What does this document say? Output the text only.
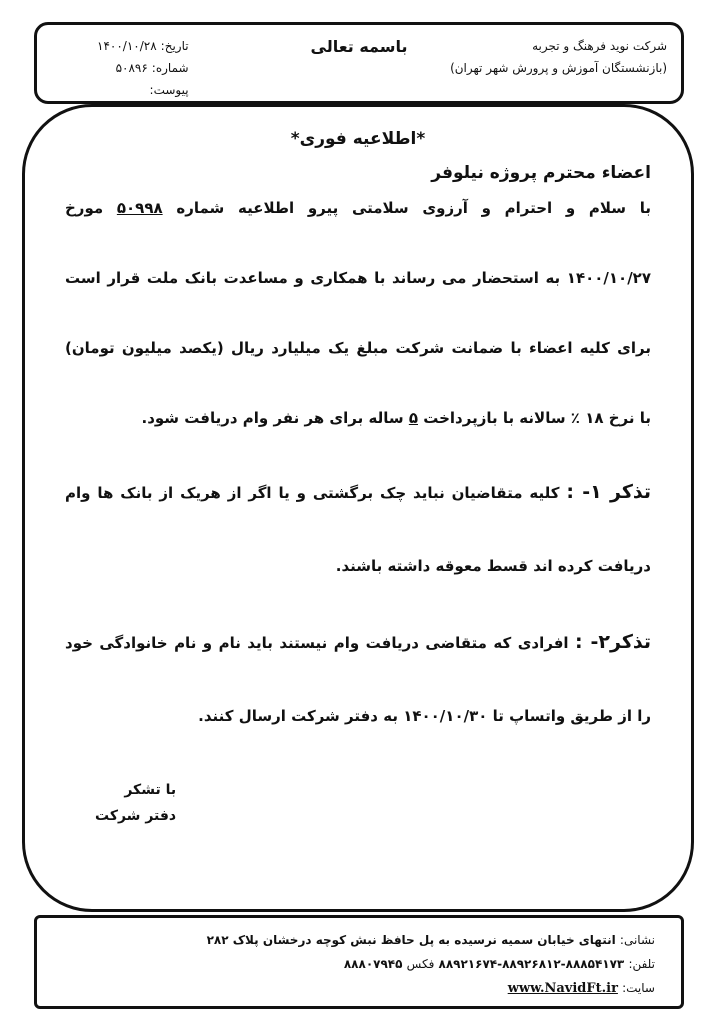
شرکت نوید فرهنگ و تجربه
(بازنشستگان آموزش و پرورش شهر تهران)
باسمه تعالی
تاریخ:
۱۴۰۰/۱۰/۲۸
شماره:
۵۰۸۹۶
پیوست:
*اطلاعیه فوری*
اعضاء محترم پروژه نیلوفر
با سلام و احترام و آرزوی سلامتی پیرو اطلاعیه شماره ۵۰۹۹۸ مورخ
۱۴۰۰/۱۰/۲۷ به استحضار می رساند با همکاری و مساعدت بانک ملت قرار است
برای کلیه اعضاء با ضمانت شرکت مبلغ یک میلیارد ریال (یکصد میلیون تومان)
با نرخ ۱۸ ٪ سالانه با بازپرداخت ۵ ساله برای هر نفر وام دریافت شود.
تذکر ۱- : کلیه متقاضیان نباید چک برگشتی و یا اگر از هریک از بانک ها وام
دریافت کرده اند قسط معوقه داشته باشند.
تذکر۲- : افرادی که متقاضی دریافت وام نیستند باید نام و نام خانوادگی خود
را از طریق واتساپ تا ۱۴۰۰/۱۰/۳۰ به دفتر شرکت ارسال کنند.
با تشکر
دفتر شرکت
نشانی: انتهای خیابان سمیه نرسیده به پل حافظ نبش کوچه درخشان پلاک ۲۸۲
تلفن: ۸۸۸۵۴۱۷۳-۸۸۹۲۶۸۱۲-۸۸۹۲۱۶۷۴ فکس ۸۸۸۰۷۹۴۵
سایت: www.NavidFt.ir
